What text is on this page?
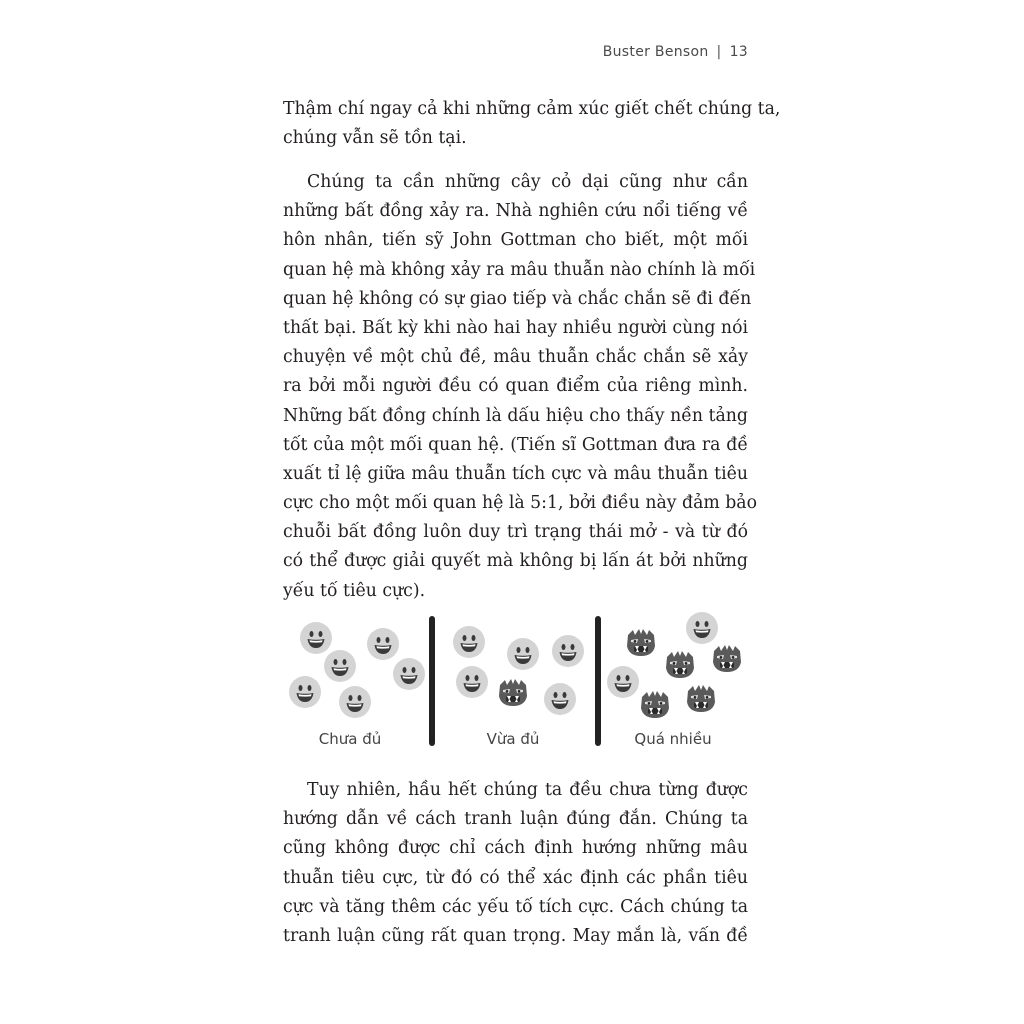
Buster Benson | 13
Thậm chí ngay cả khi những cảm xúc giết chết chúng ta,
chúng vẫn sẽ tồn tại.
Chúng ta cần những cây cỏ dại cũng như cần
những bất đồng xảy ra. Nhà nghiên cứu nổi tiếng về
hôn nhân, tiến sỹ John Gottman cho biết, một mối
quan hệ mà không xảy ra mâu thuẫn nào chính là mối
quan hệ không có sự giao tiếp và chắc chắn sẽ đi đến
thất bại. Bất kỳ khi nào hai hay nhiều người cùng nói
chuyện về một chủ đề, mâu thuẫn chắc chắn sẽ xảy
ra bởi mỗi người đều có quan điểm của riêng mình.
Những bất đồng chính là dấu hiệu cho thấy nền tảng
tốt của một mối quan hệ. (Tiến sĩ Gottman đưa ra đề
xuất tỉ lệ giữa mâu thuẫn tích cực và mâu thuẫn tiêu
cực cho một mối quan hệ là 5:1, bởi điều này đảm bảo
chuỗi bất đồng luôn duy trì trạng thái mở - và từ đó
có thể được giải quyết mà không bị lấn át bởi những
yếu tố tiêu cực).
Chưa đủ	Vừa đủ	Quá nhiều
Tuy nhiên, hầu hết chúng ta đều chưa từng được
hướng dẫn về cách tranh luận đúng đắn. Chúng ta
cũng không được chỉ cách định hướng những mâu
thuẫn tiêu cực, từ đó có thể xác định các phần tiêu
cực và tăng thêm các yếu tố tích cực. Cách chúng ta
tranh luận cũng rất quan trọng. May mắn là, vấn đề
